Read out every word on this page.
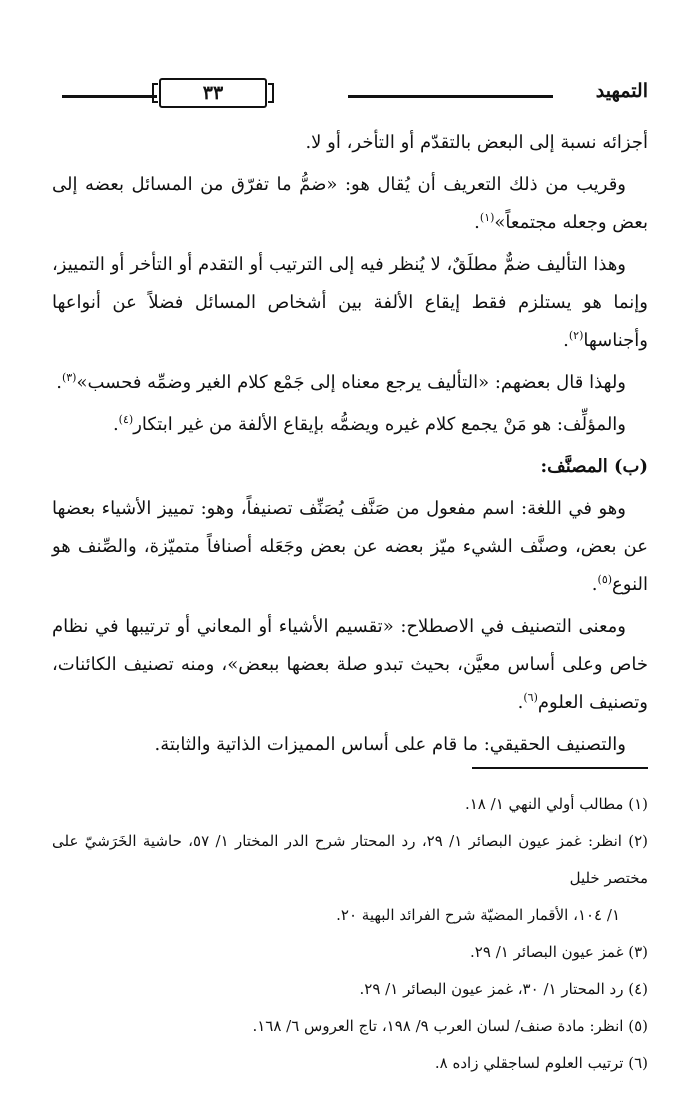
التمهيد
٣٣

أجزائه نسبة إلى البعض بالتقدّم أو التأخر، أو لا.

وقريب من ذلك التعريف أن يُقال هو: «ضمُّ ما تفرّق من المسائل بعضه إلى بعض وجعله مجتمعاً»$^{(١)}$.

وهذا التأليف ضمٌّ مطلَقٌ، لا يُنظر فيه إلى الترتيب أو التقدم أو التأخر أو التمييز، وإنما هو يستلزم فقط إيقاع الألفة بين أشخاص المسائل فضلاً عن أنواعها وأجناسها$^{(٢)}$.

ولهذا قال بعضهم: «التأليف يرجع معناه إلى جَمْع كلام الغير وضمِّه فحسب»$^{(٣)}$.

والمؤلِّف: هو مَنْ يجمع كلام غيره ويضمُّه بإيقاع الألفة من غير ابتكار$^{(٤)}$.

(ب) المصنَّف:

وهو في اللغة: اسم مفعول من صَنَّف يُصَنِّف تصنيفاً، وهو: تمييز الأشياء بعضها عن بعض، وصنَّف الشيء ميّز بعضه عن بعض وجَعَله أصنافاً متميّزة، والصِّنف هو النوع$^{(٥)}$.

ومعنى التصنيف في الاصطلاح: «تقسيم الأشياء أو المعاني أو ترتيبها في نظام خاص وعلى أساس معيَّن، بحيث تبدو صلة بعضها ببعض»، ومنه تصنيف الكائنات، وتصنيف العلوم$^{(٦)}$.

والتصنيف الحقيقي: ما قام على أساس المميزات الذاتية والثابتة.

(١) مطالب أولي النهي ١/ ١٨.

(٢) انظر: غمز عيون البصائر ١/ ٢٩، رد المحتار شرح الدر المختار ١/ ٥٧، حاشية الخَرَشيّ على مختصر خليل

١/ ١٠٤، الأقمار المضيّة شرح الفرائد البهية ٢٠.

(٣) غمز عيون البصائر ١/ ٢٩.

(٤) رد المحتار ١/ ٣٠، غمز عيون البصائر ١/ ٢٩.

(٥) انظر: مادة صنف/ لسان العرب ٩/ ١٩٨، تاج العروس ٦/ ١٦٨.

(٦) ترتيب العلوم لساجقلي زاده ٨.
